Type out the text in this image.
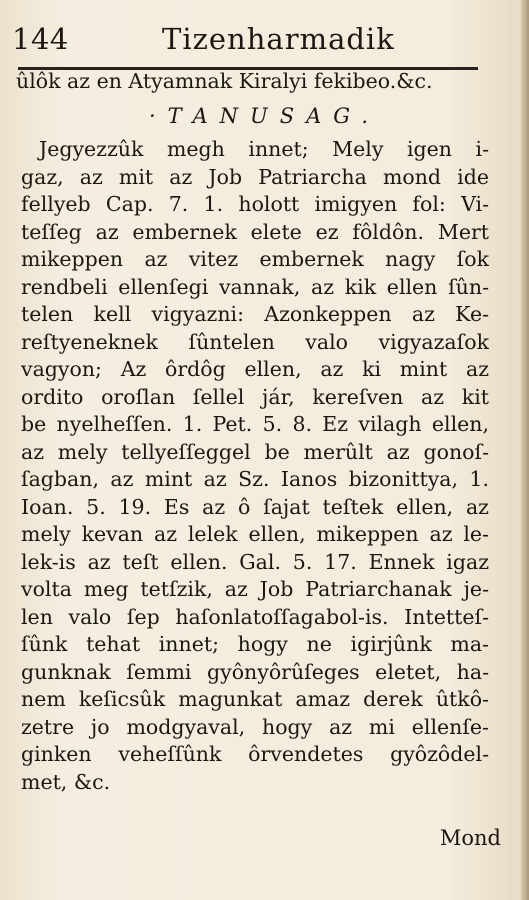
144	Tizenharmadik
ûlôk az en Atyamnak Kiralyi fekibeo.&c.
·TANUSAG.
Jegyezzûk megh innet; Mely igen i-
gaz, az mit az Job Patriarcha mond ide
fellyeb Cap. 7. 1. holott imigyen fol: Vi-
teſſeg az embernek elete ez fôldôn. Mert
mikeppen az vitez embernek nagy ſok
rendbeli ellenſegi vannak, az kik ellen ſûn-
telen kell vigyazni: Azonkeppen az Ke-
reſtyeneknek ſûntelen valo vigyazaſok
vagyon; Az ôrdôg ellen, az ki mint az
ordito oroſlan ſellel jár, kereſven az kit
be nyelheſſen. 1. Pet. 5. 8. Ez vilagh ellen,
az mely tellyeſſeggel be merûlt az gonoſ-
ſagban, az mint az Sz. Ianos bizonittya, 1.
Ioan. 5. 19. Es az ô ſajat teſtek ellen, az
mely kevan az lelek ellen, mikeppen az le-
lek-is az teſt ellen. Gal. 5. 17. Ennek igaz
volta meg tetſzik, az Job Patriarchanak je-
len valo ſep haſonlatoſſagabol-is. Intetteſ-
ſûnk tehat innet; hogy ne igirjûnk ma-
gunknak ſemmi gyônyôrûſeges eletet, ha-
nem keſicsûk magunkat amaz derek ûtkô-
zetre jo modgyaval, hogy az mi ellenſe-
ginken veheſſûnk ôrvendetes gyôzôdel-
met, &c.
Mond
